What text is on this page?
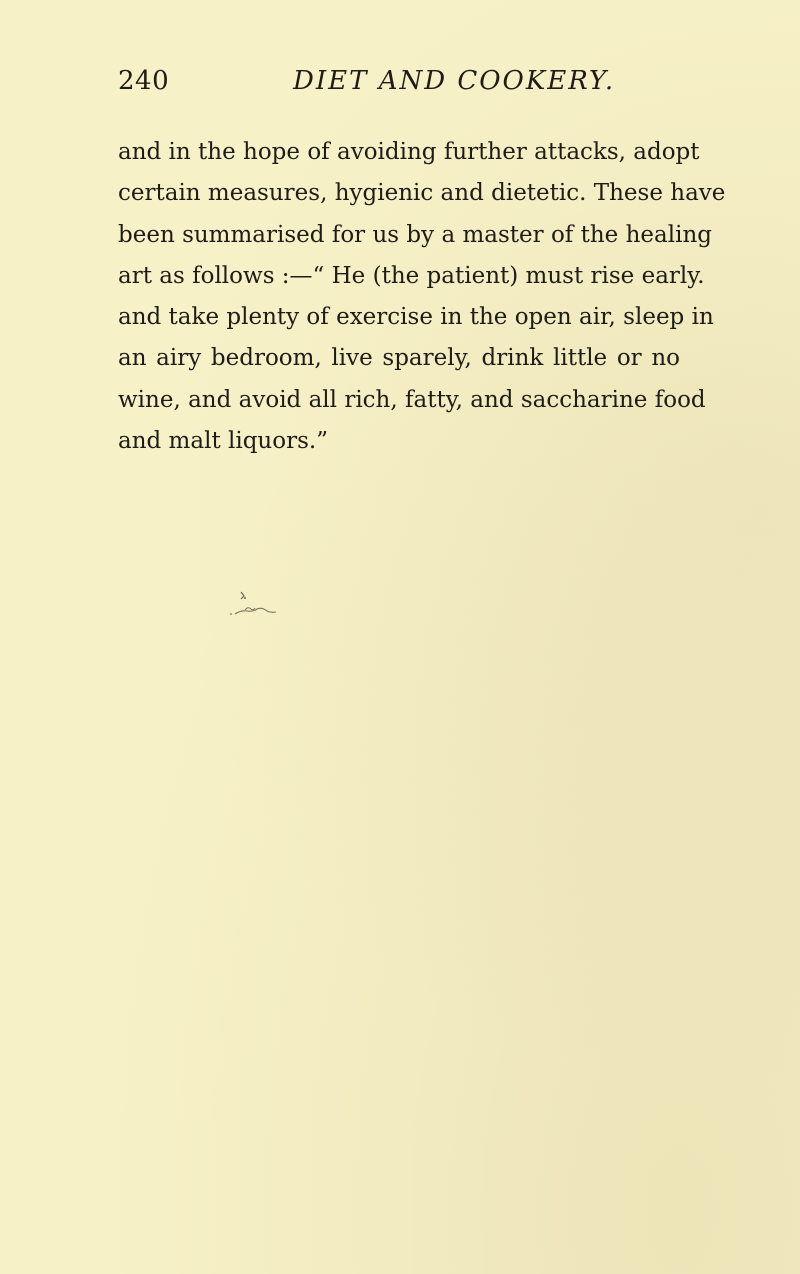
240	DIET AND COOKERY.
and in the hope of avoiding further attacks, adopt
certain measures, hygienic and dietetic. These have
been summarised for us by a master of the healing
art as follows :—“ He (the patient) must rise early.
and take plenty of exercise in the open air, sleep in
an airy bedroom, live sparely, drink little or no
wine, and avoid all rich, fatty, and saccharine food
and malt liquors.”
